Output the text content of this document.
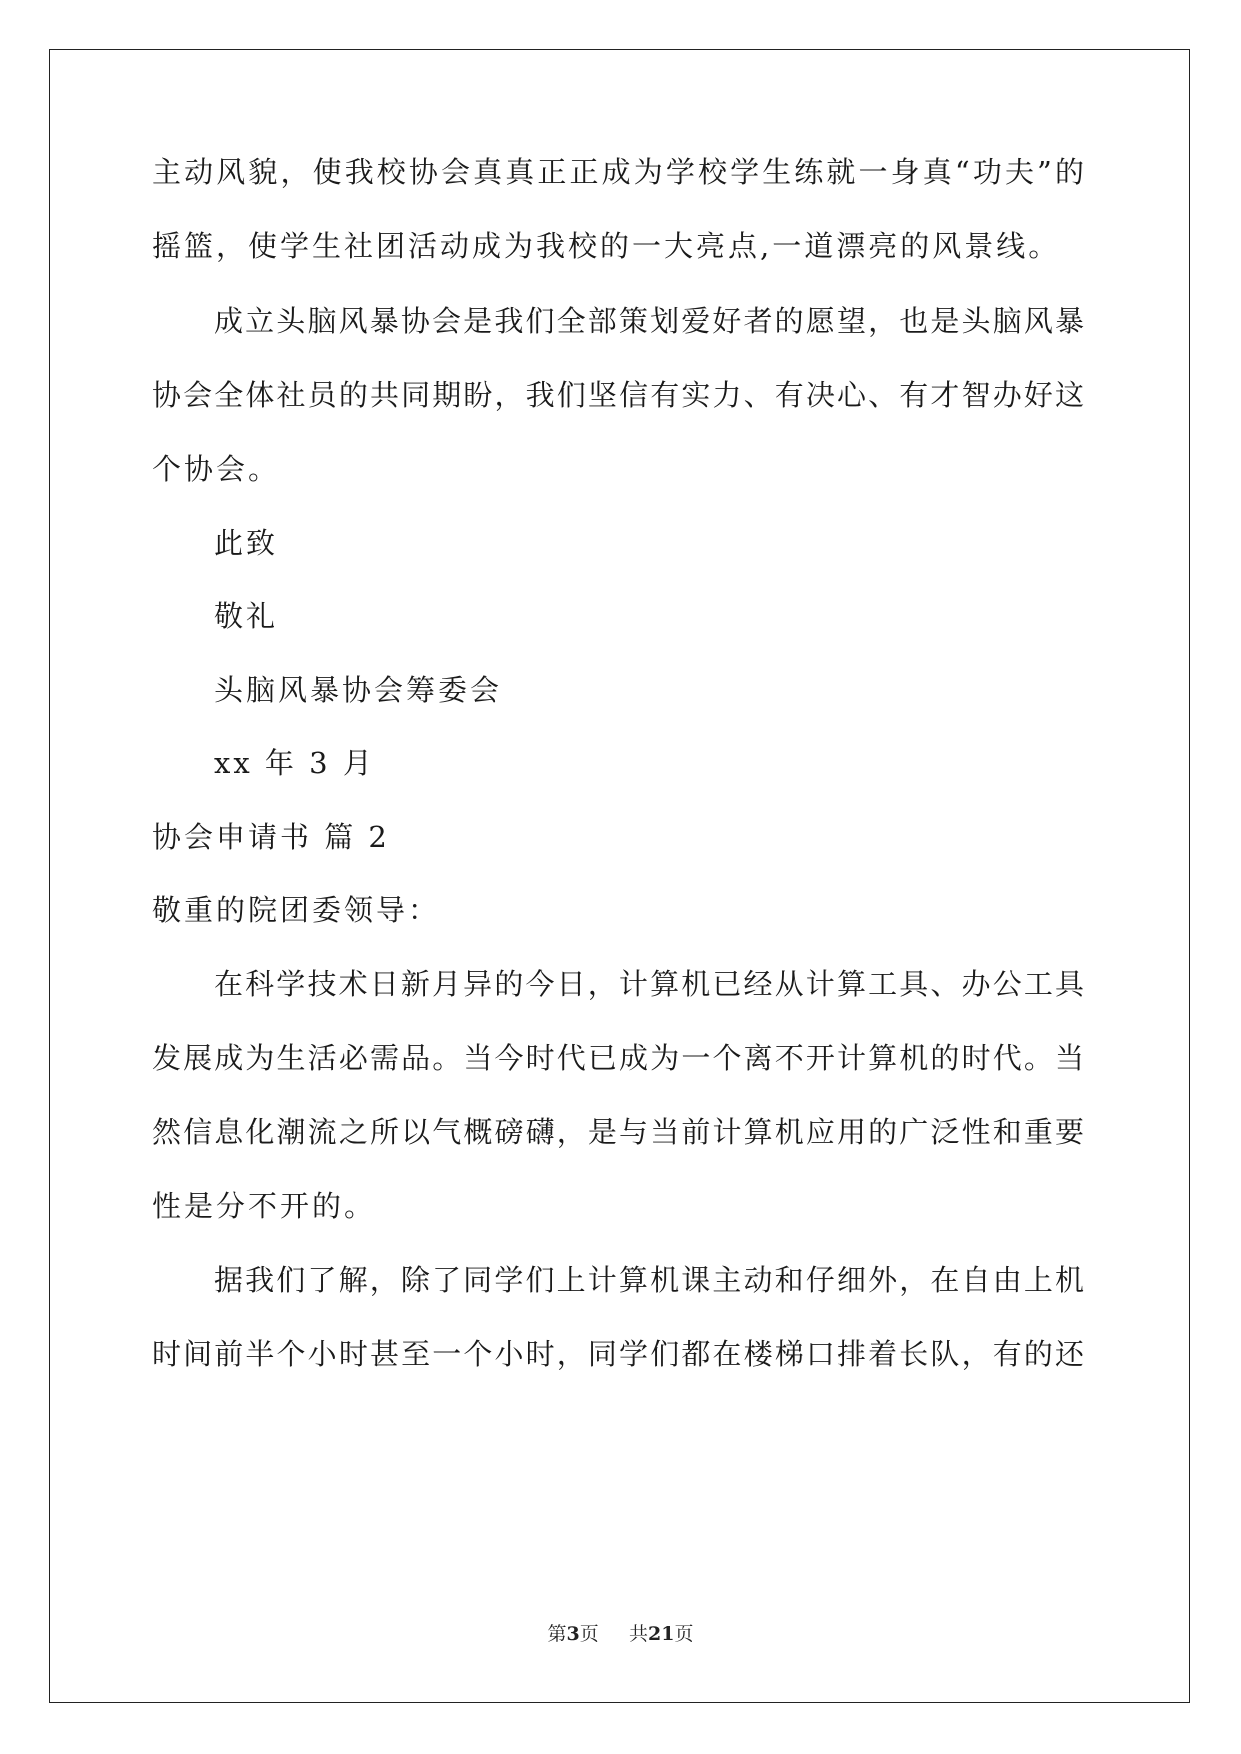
主动风貌，使我校协会真真正正成为学校学生练就一身真“功夫”的
摇篮，使学生社团活动成为我校的一大亮点,一道漂亮的风景线。
成立头脑风暴协会是我们全部策划爱好者的愿望，也是头脑风暴
协会全体社员的共同期盼，我们坚信有实力、有决心、有才智办好这
个协会。
此致
敬礼
头脑风暴协会筹委会
xx 年 3 月
协会申请书 篇 2
敬重的院团委领导：
在科学技术日新月异的今日，计算机已经从计算工具、办公工具
发展成为生活必需品。当今时代已成为一个离不开计算机的时代。当
然信息化潮流之所以气概磅礴，是与当前计算机应用的广泛性和重要
性是分不开的。
据我们了解，除了同学们上计算机课主动和仔细外，在自由上机
时间前半个小时甚至一个小时，同学们都在楼梯口排着长队，有的还
第3页 共21页
